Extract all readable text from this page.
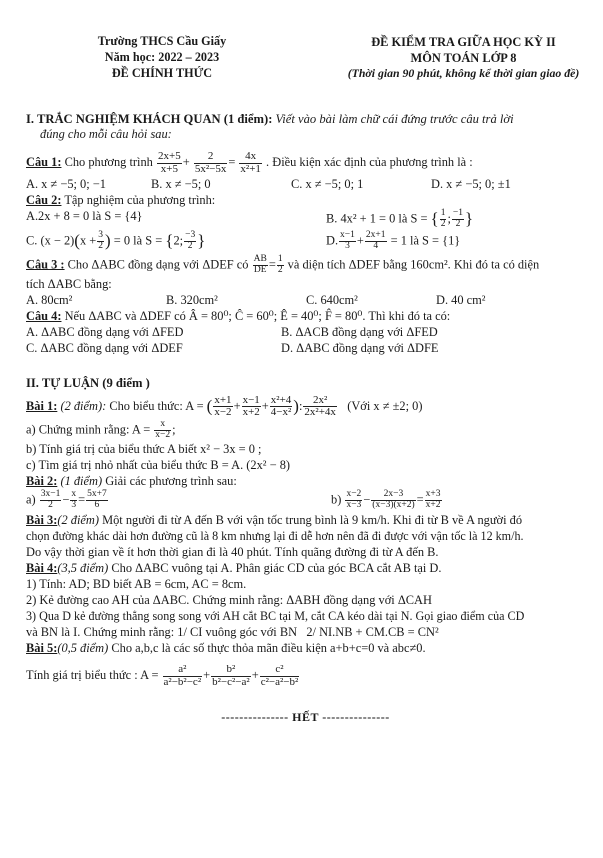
Trường THCS Cầu Giấy
Năm học: 2022 – 2023
ĐỀ CHÍNH THỨC
ĐỀ KIỂM TRA GIỮA HỌC KỲ II
MÔN TOÁN LỚP 8
(Thời gian 90 phút, không kể thời gian giao đề)
I. TRẮC NGHIỆM KHÁCH QUAN (1 điểm): Viết vào bài làm chữ cái đứng trước câu trả lời
đúng cho mỗi câu hỏi sau:
Câu 1: Cho phương trình $\frac{2x+5}{x+5} + \frac{2}{\text{5x²−5x}} = \frac{4x}{\text{x²+1}}$ . Điều kiện xác định của phương trình là :
A. x ≠ −5; 0; −1	B. x ≠ −5; 0	C. x ≠ −5; 0; 1	D. x ≠ −5; 0; ±1
Câu 2: Tập nghiệm của phương trình:
A.2x + 8 = 0 là S = {4}	B. 4x² + 1 = 0 là S = { $\frac{1}{2}$ ; $\frac{-1}{2}$ }
C. $(x - 2)(x + \frac{3}{2}$ ) = 0 là S = {2; $\frac{-3}{2}$ }	D. $\frac{x-1}{3} + \frac{2x+1}{4} = 1$ là S = {1}
Câu 3 : Cho ΔABC đồng dạng với ΔDEF có $\frac{AB}{DE} = \frac{1}{2}$ và diện tích ΔDEF bằng 160cm². Khi đó ta có diện
tích ΔABC bằng:
A. 80cm²	B. 320cm²	C. 640cm²	D. 40 cm²
Câu 4: Nếu ΔABC và ΔDEF có Â = 80⁰; Ĉ = 60⁰; Ê = 40⁰; F̂ = 80⁰. Thì khi đó ta có:
A. ΔABC đồng dạng với ΔFED	B. ΔACB đồng dạng với ΔFED
C. ΔABC đồng dạng với ΔDEF	D. ΔABC đồng dạng với ΔDFE
II. TỰ LUẬN (9 điểm )
Bài 1: (2 điểm): Cho biểu thức: A = ( $\frac{x+1}{x-2} + \frac{x-1}{x+2} + \frac{\text{x²+4}}{\text{4−x²}}$ ): $\frac{\text{2x²}}{\text{2x²+4x}}$ (Với x ≠ ±2; 0)
a) Chứng minh rằng: $A = \frac{x}{x-2}$ ;
b) Tính giá trị của biểu thức A biết x² − 3x = 0 ;
c) Tìm giá trị nhỏ nhất của biểu thức B = A. (2x² − 8)
Bài 2: (1 điểm) Giải các phương trình sau:
$a) \frac{3x-1}{2} - \frac{x}{3} = \frac{5x+7}{6}$	$b) \frac{x-2}{x-3} - \frac{2x-3}{(x-3)(x+2)} = \frac{x+3}{x+2}$
Bài 3:(2 điểm) Một người đi từ A đến B với vận tốc trung bình là 9 km/h. Khi đi từ B về A người đó
chọn đường khác dài hơn đường cũ là 8 km nhưng lại đi dễ hơn nên đã đi được với vận tốc là 12 km/h.
Do vậy thời gian về ít hơn thời gian đi là 40 phút. Tính quãng đường đi từ A đến B.
Bài 4:(3,5 điểm) Cho ΔABC vuông tại A. Phân giác CD của góc BCA cắt AB tại D.
1) Tính: AD; BD biết AB = 6cm, AC = 8cm.
2) Kẻ đường cao AH của ΔABC. Chứng minh rằng: ΔABH đồng dạng với ΔCAH
3) Qua D kẻ đường thẳng song song với AH cắt BC tại M, cắt CA kéo dài tại N. Gọi giao điểm của CD
và BN là I. Chứng minh rằng: 1/ CI vuông góc với BN 2/ NI.NB + CM.CB = CN²
Bài 5:(0,5 điểm) Cho a,b,c là các số thực thỏa mãn điều kiện a+b+c=0 và abc≠0.
Tính giá trị biểu thức : $A = \frac{\text{a²}}{\text{a²−b²−c²}} + \frac{\text{b²}}{\text{b²−c²−a²}} + \frac{\text{c²}}{\text{c²−a²−b²}}$
--------------- HẾT ---------------
